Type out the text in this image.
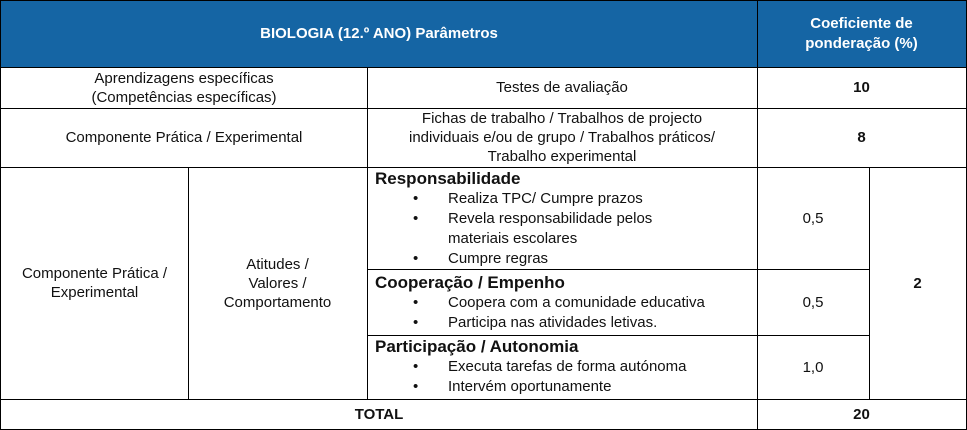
BIOLOGIA (12.º ANO) Parâmetros
Coeficiente de
ponderação (%)
Aprendizagens específicas
(Competências específicas)
Testes de avaliação	10
Componente Prática / Experimental
Fichas de trabalho / Trabalhos de projecto
individuais e/ou de grupo / Trabalhos práticos/
Trabalho experimental
8
Componente Prática /
Experimental
Atitudes /
Valores /
Comportamento
Responsabilidade
• Realiza TPC/ Cumpre prazos
• Revela responsabilidade pelos
materiais escolares
• Cumpre regras
0,5
Cooperação / Empenho
• Coopera com a comunidade educativa
• Participa nas atividades letivas.
0,5
Participação / Autonomia
• Executa tarefas de forma autónoma
• Intervém oportunamente
1,0
2
TOTAL	20
